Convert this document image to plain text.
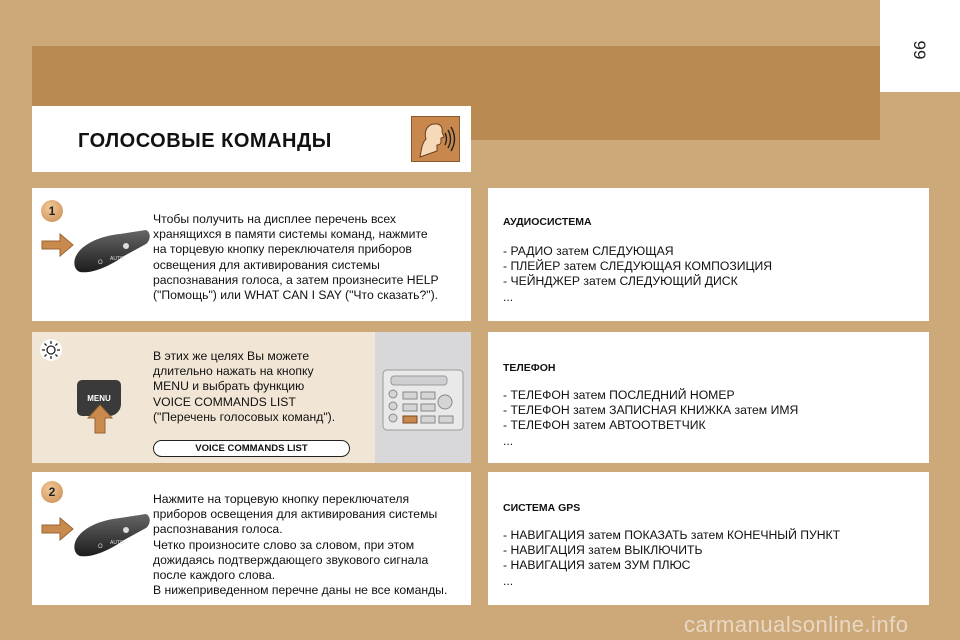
99
ГОЛОСОВЫЕ КОМАНДЫ
1
O
AUTO
Чтобы получить на дисплее перечень всех
хранящихся в памяти системы команд, нажмите
на торцевую кнопку переключателя приборов
освещения для активирования системы
распознавания голоса, а затем произнесите HELP
("Помощь") или WHAT CAN I SAY ("Что сказать?").
MENU
В этих же целях Вы можете
длительно нажать на кнопку
MENU и выбрать функцию
VOICE COMMANDS LIST
("Перечень голосовых команд").
VOICE COMMANDS LIST
2
O
AUTO
Нажмите на торцевую кнопку переключателя
приборов освещения для активирования системы
распознавания голоса.
Четко произносите слово за словом, при этом
дожидаясь подтверждающего звукового сигнала
после каждого слова.
В нижеприведенном перечне даны не все команды.
АУДИОСИСТЕМА
- РАДИО затем СЛЕДУЮЩАЯ
- ПЛЕЙЕР затем СЛЕДУЮЩАЯ КОМПОЗИЦИЯ
- ЧЕЙНДЖЕР затем СЛЕДУЮЩИЙ ДИСК
...
ТЕЛЕФОН
- ТЕЛЕФОН затем ПОСЛЕДНИЙ НОМЕР
- ТЕЛЕФОН затем ЗАПИСНАЯ КНИЖКА затем ИМЯ
- ТЕЛЕФОН затем АВТООТВЕТЧИК
...
СИСТЕМА GPS
- НАВИГАЦИЯ затем ПОКАЗАТЬ затем КОНЕЧНЫЙ ПУНКТ
- НАВИГАЦИЯ затем ВЫКЛЮЧИТЬ
- НАВИГАЦИЯ затем ЗУМ ПЛЮС
...
carmanualsonline.info
